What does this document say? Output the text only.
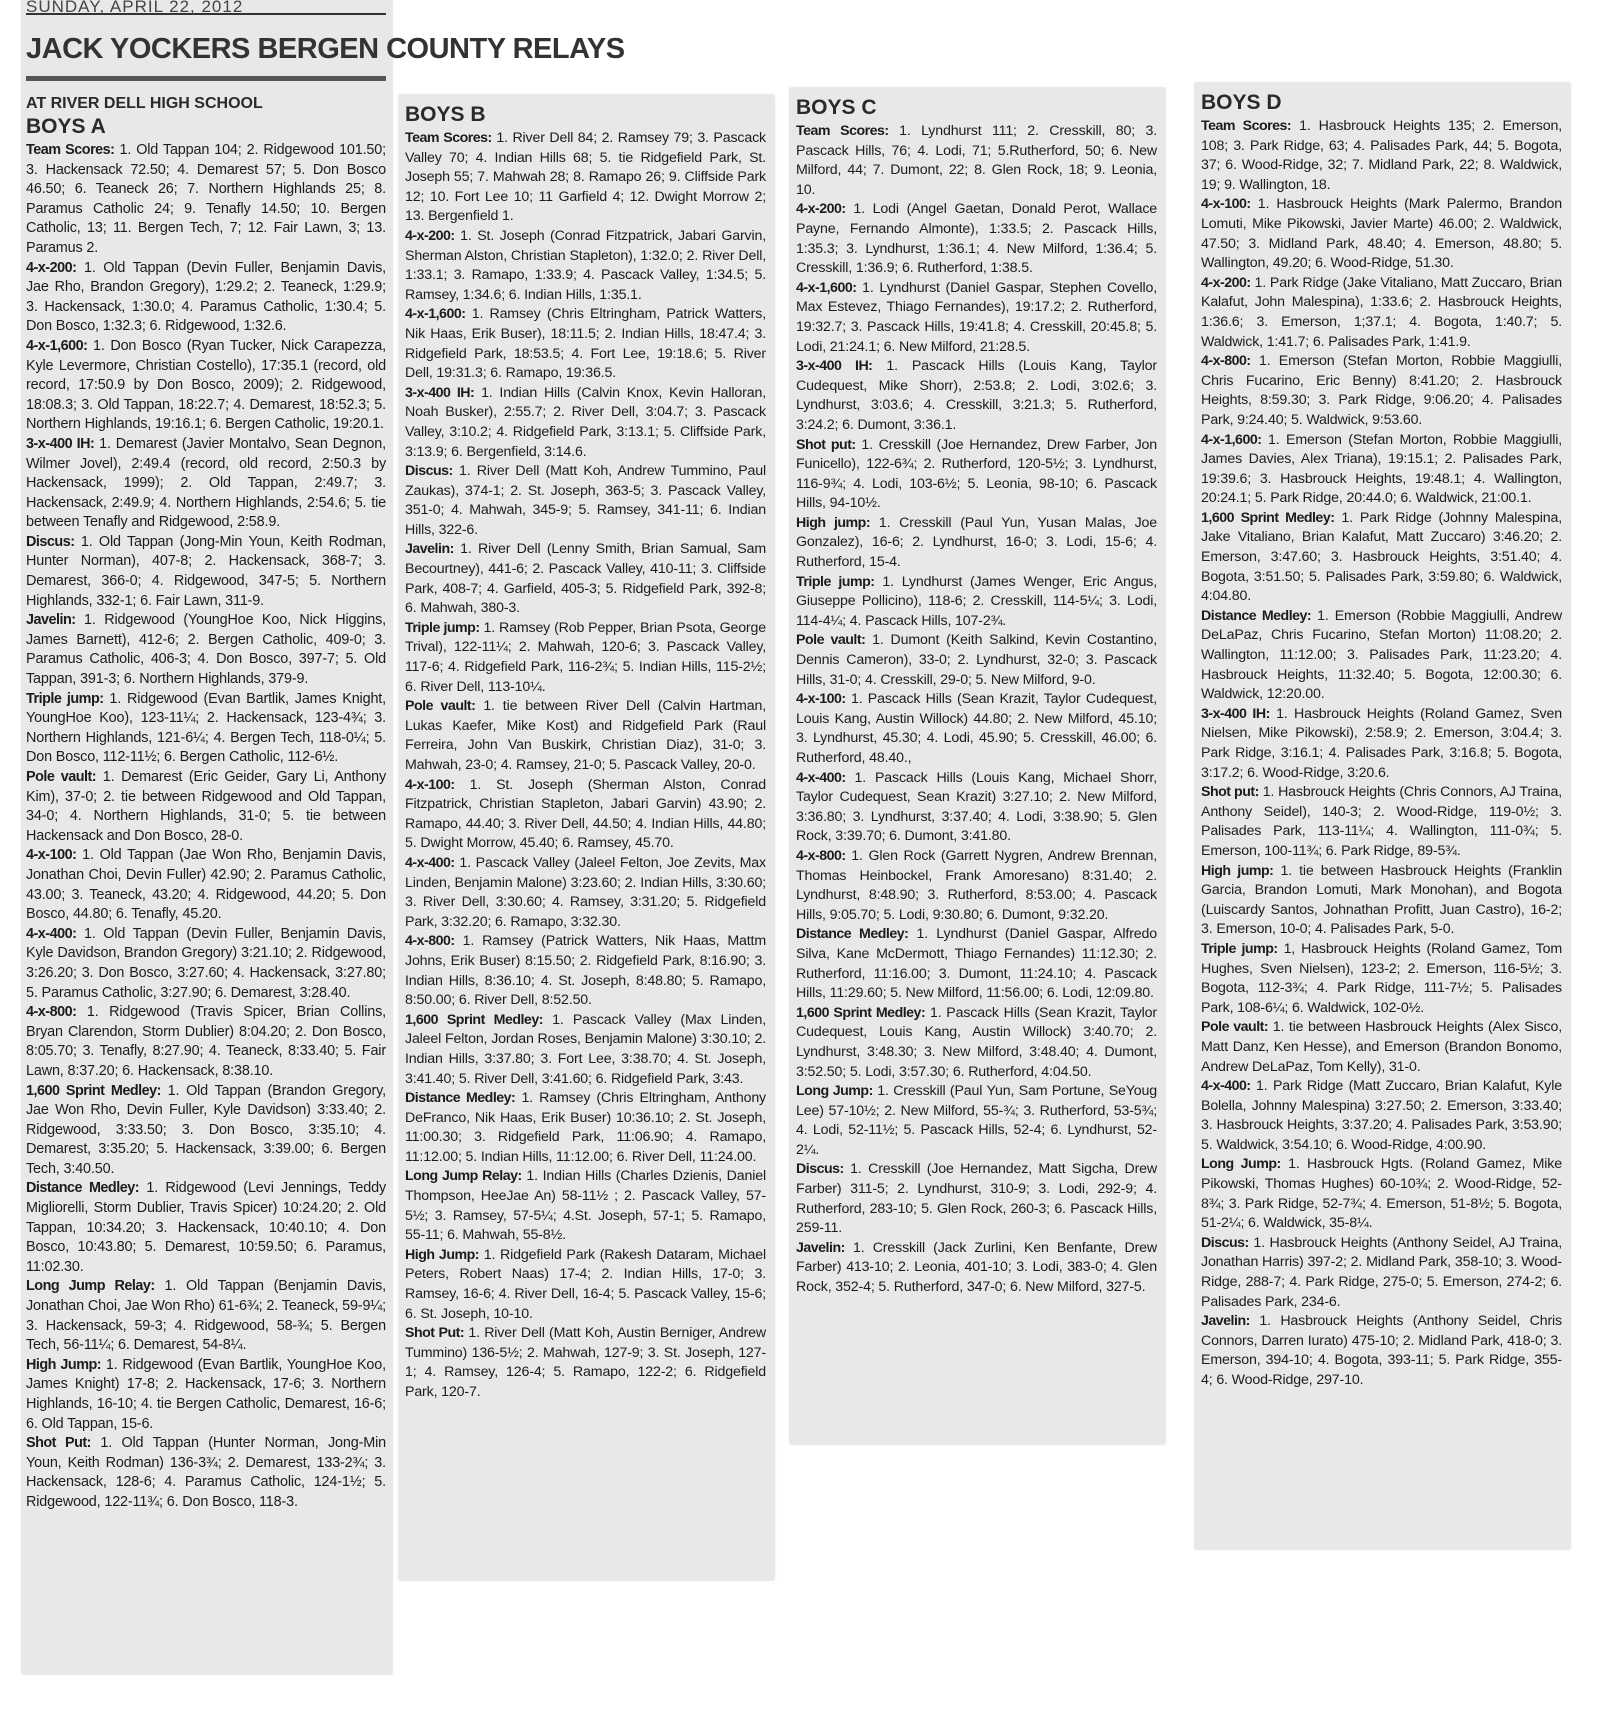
SUNDAY, APRIL 22, 2012
JACK YOCKERS BERGEN COUNTY RELAYS
AT RIVER DELL HIGH SCHOOL
BOYS A

Team Scores: 1. Old Tappan 104; 2. Ridgewood 101.50; 3. Hackensack 72.50; 4. Demarest 57; 5. Don Bosco 46.50; 6. Teaneck 26; 7. Northern Highlands 25; 8. Paramus Catholic 24; 9. Tenafly 14.50; 10. Bergen Catholic, 13; 11. Bergen Tech, 7; 12. Fair Lawn, 3; 13. Paramus 2.

4-x-200: 1. Old Tappan (Devin Fuller, Benjamin Davis, Jae Rho, Brandon Gregory), 1:29.2; 2. Teaneck, 1:29.9; 3. Hackensack, 1:30.0; 4. Paramus Catholic, 1:30.4; 5. Don Bosco, 1:32.3; 6. Ridgewood, 1:32.6.

4-x-1,600: 1. Don Bosco (Ryan Tucker, Nick Carapezza, Kyle Levermore, Christian Costello), 17:35.1 (record, old record, 17:50.9 by Don Bosco, 2009); 2. Ridgewood, 18:08.3; 3. Old Tappan, 18:22.7; 4. Demarest, 18:52.3; 5. Northern Highlands, 19:16.1; 6. Bergen Catholic, 19:20.1.

3-x-400 IH: 1. Demarest (Javier Montalvo, Sean Degnon, Wilmer Jovel), 2:49.4 (record, old record, 2:50.3 by Hackensack, 1999); 2. Old Tappan, 2:49.7; 3. Hackensack, 2:49.9; 4. Northern Highlands, 2:54.6; 5. tie between Tenafly and Ridgewood, 2:58.9.

Discus: 1. Old Tappan (Jong-Min Youn, Keith Rodman, Hunter Norman), 407-8; 2. Hackensack, 368-7; 3. Demarest, 366-0; 4. Ridgewood, 347-5; 5. Northern Highlands, 332-1; 6. Fair Lawn, 311-9.

Javelin: 1. Ridgewood (YoungHoe Koo, Nick Higgins, James Barnett), 412-6; 2. Bergen Catholic, 409-0; 3. Paramus Catholic, 406-3; 4. Don Bosco, 397-7; 5. Old Tappan, 391-3; 6. Northern Highlands, 379-9.

Triple jump: 1. Ridgewood (Evan Bartlik, James Knight, YoungHoe Koo), 123-11¼; 2. Hackensack, 123-4¾; 3. Northern Highlands, 121-6¼; 4. Bergen Tech, 118-0¼; 5. Don Bosco, 112-11½; 6. Bergen Catholic, 112-6½.

Pole vault: 1. Demarest (Eric Geider, Gary Li, Anthony Kim), 37-0; 2. tie between Ridgewood and Old Tappan, 34-0; 4. Northern Highlands, 31-0; 5. tie between Hackensack and Don Bosco, 28-0.

4-x-100: 1. Old Tappan (Jae Won Rho, Benjamin Davis, Jonathan Choi, Devin Fuller) 42.90; 2. Paramus Catholic, 43.00; 3. Teaneck, 43.20; 4. Ridgewood, 44.20; 5. Don Bosco, 44.80; 6. Tenafly, 45.20.

4-x-400: 1. Old Tappan (Devin Fuller, Benjamin Davis, Kyle Davidson, Brandon Gregory) 3:21.10; 2. Ridgewood, 3:26.20; 3. Don Bosco, 3:27.60; 4. Hackensack, 3:27.80; 5. Paramus Catholic, 3:27.90; 6. Demarest, 3:28.40.

4-x-800: 1. Ridgewood (Travis Spicer, Brian Collins, Bryan Clarendon, Storm Dublier) 8:04.20; 2. Don Bosco, 8:05.70; 3. Tenafly, 8:27.90; 4. Teaneck, 8:33.40; 5. Fair Lawn, 8:37.20; 6. Hackensack, 8:38.10.

1,600 Sprint Medley: 1. Old Tappan (Brandon Gregory, Jae Won Rho, Devin Fuller, Kyle Davidson) 3:33.40; 2. Ridgewood, 3:33.50; 3. Don Bosco, 3:35.10; 4. Demarest, 3:35.20; 5. Hackensack, 3:39.00; 6. Bergen Tech, 3:40.50.

Distance Medley: 1. Ridgewood (Levi Jennings, Teddy Migliorelli, Storm Dublier, Travis Spicer) 10:24.20; 2. Old Tappan, 10:34.20; 3. Hackensack, 10:40.10; 4. Don Bosco, 10:43.80; 5. Demarest, 10:59.50; 6. Paramus, 11:02.30.

Long Jump Relay: 1. Old Tappan (Benjamin Davis, Jonathan Choi, Jae Won Rho) 61-6¾; 2. Teaneck, 59-9¼; 3. Hackensack, 59-3; 4. Ridgewood, 58-¾; 5. Bergen Tech, 56-11¼; 6. Demarest, 54-8¼.

High Jump: 1. Ridgewood (Evan Bartlik, YoungHoe Koo, James Knight) 17-8; 2. Hackensack, 17-6; 3. Northern Highlands, 16-10; 4. tie Bergen Catholic, Demarest, 16-6; 6. Old Tappan, 15-6.

Shot Put: 1. Old Tappan (Hunter Norman, Jong-Min Youn, Keith Rodman) 136-3¾; 2. Demarest, 133-2¾; 3. Hackensack, 128-6; 4. Paramus Catholic, 124-1½; 5. Ridgewood, 122-11¾; 6. Don Bosco, 118-3.

BOYS B

Team Scores: 1. River Dell 84; 2. Ramsey 79; 3. Pascack Valley 70; 4. Indian Hills 68; 5. tie Ridgefield Park, St. Joseph 55; 7. Mahwah 28; 8. Ramapo 26; 9. Cliffside Park 12; 10. Fort Lee 10; 11 Garfield 4; 12. Dwight Morrow 2; 13. Bergenfield 1.

4-x-200: 1. St. Joseph (Conrad Fitzpatrick, Jabari Garvin, Sherman Alston, Christian Stapleton), 1:32.0; 2. River Dell, 1:33.1; 3. Ramapo, 1:33.9; 4. Pascack Valley, 1:34.5; 5. Ramsey, 1:34.6; 6. Indian Hills, 1:35.1.

4-x-1,600: 1. Ramsey (Chris Eltringham, Patrick Watters, Nik Haas, Erik Buser), 18:11.5; 2. Indian Hills, 18:47.4; 3. Ridgefield Park, 18:53.5; 4. Fort Lee, 19:18.6; 5. River Dell, 19:31.3; 6. Ramapo, 19:36.5.

3-x-400 IH: 1. Indian Hills (Calvin Knox, Kevin Halloran, Noah Busker), 2:55.7; 2. River Dell, 3:04.7; 3. Pascack Valley, 3:10.2; 4. Ridgefield Park, 3:13.1; 5. Cliffside Park, 3:13.9; 6. Bergenfield, 3:14.6.

Discus: 1. River Dell (Matt Koh, Andrew Tummino, Paul Zaukas), 374-1; 2. St. Joseph, 363-5; 3. Pascack Valley, 351-0; 4. Mahwah, 345-9; 5. Ramsey, 341-11; 6. Indian Hills, 322-6.

Javelin: 1. River Dell (Lenny Smith, Brian Samual, Sam Becourtney), 441-6; 2. Pascack Valley, 410-11; 3. Cliffside Park, 408-7; 4. Garfield, 405-3; 5. Ridgefield Park, 392-8; 6. Mahwah, 380-3.

Triple jump: 1. Ramsey (Rob Pepper, Brian Psota, George Trival), 122-11¼; 2. Mahwah, 120-6; 3. Pascack Valley, 117-6; 4. Ridgefield Park, 116-2¾; 5. Indian Hills, 115-2½; 6. River Dell, 113-10¼.

Pole vault: 1. tie between River Dell (Calvin Hartman, Lukas Kaefer, Mike Kost) and Ridgefield Park (Raul Ferreira, John Van Buskirk, Christian Diaz), 31-0; 3. Mahwah, 23-0; 4. Ramsey, 21-0; 5. Pascack Valley, 20-0.

4-x-100: 1. St. Joseph (Sherman Alston, Conrad Fitzpatrick, Christian Stapleton, Jabari Garvin) 43.90; 2. Ramapo, 44.40; 3. River Dell, 44.50; 4. Indian Hills, 44.80; 5. Dwight Morrow, 45.40; 6. Ramsey, 45.70.

4-x-400: 1. Pascack Valley (Jaleel Felton, Joe Zevits, Max Linden, Benjamin Malone) 3:23.60; 2. Indian Hills, 3:30.60; 3. River Dell, 3:30.60; 4. Ramsey, 3:31.20; 5. Ridgefield Park, 3:32.20; 6. Ramapo, 3:32.30.

4-x-800: 1. Ramsey (Patrick Watters, Nik Haas, Mattm Johns, Erik Buser) 8:15.50; 2. Ridgefield Park, 8:16.90; 3. Indian Hills, 8:36.10; 4. St. Joseph, 8:48.80; 5. Ramapo, 8:50.00; 6. River Dell, 8:52.50.

1,600 Sprint Medley: 1. Pascack Valley (Max Linden, Jaleel Felton, Jordan Roses, Benjamin Malone) 3:30.10; 2. Indian Hills, 3:37.80; 3. Fort Lee, 3:38.70; 4. St. Joseph, 3:41.40; 5. River Dell, 3:41.60; 6. Ridgefield Park, 3:43.

Distance Medley: 1. Ramsey (Chris Eltringham, Anthony DeFranco, Nik Haas, Erik Buser) 10:36.10; 2. St. Joseph, 11:00.30; 3. Ridgefield Park, 11:06.90; 4. Ramapo, 11:12.00; 5. Indian Hills, 11:12.00; 6. River Dell, 11:24.00.

Long Jump Relay: 1. Indian Hills (Charles Dzienis, Daniel Thompson, HeeJae An) 58-11½ ; 2. Pascack Valley, 57-5½; 3. Ramsey, 57-5¼; 4.St. Joseph, 57-1; 5. Ramapo, 55-11; 6. Mahwah, 55-8½.

High Jump: 1. Ridgefield Park (Rakesh Dataram, Michael Peters, Robert Naas) 17-4; 2. Indian Hills, 17-0; 3. Ramsey, 16-6; 4. River Dell, 16-4; 5. Pascack Valley, 15-6; 6. St. Joseph, 10-10.

Shot Put: 1. River Dell (Matt Koh, Austin Berniger, Andrew Tummino) 136-5½; 2. Mahwah, 127-9; 3. St. Joseph, 127-1; 4. Ramsey, 126-4; 5. Ramapo, 122-2; 6. Ridgefield Park, 120-7.

BOYS C

Team Scores: 1. Lyndhurst 111; 2. Cresskill, 80; 3. Pascack Hills, 76; 4. Lodi, 71; 5.Rutherford, 50; 6. New Milford, 44; 7. Dumont, 22; 8. Glen Rock, 18; 9. Leonia, 10.

4-x-200: 1. Lodi (Angel Gaetan, Donald Perot, Wallace Payne, Fernando Almonte), 1:33.5; 2. Pascack Hills, 1:35.3; 3. Lyndhurst, 1:36.1; 4. New Milford, 1:36.4; 5. Cresskill, 1:36.9; 6. Rutherford, 1:38.5.

4-x-1,600: 1. Lyndhurst (Daniel Gaspar, Stephen Covello, Max Estevez, Thiago Fernandes), 19:17.2; 2. Rutherford, 19:32.7; 3. Pascack Hills, 19:41.8; 4. Cresskill, 20:45.8; 5. Lodi, 21:24.1; 6. New Milford, 21:28.5.

3-x-400 IH: 1. Pascack Hills (Louis Kang, Taylor Cudequest, Mike Shorr), 2:53.8; 2. Lodi, 3:02.6; 3. Lyndhurst, 3:03.6; 4. Cresskill, 3:21.3; 5. Rutherford, 3:24.2; 6. Dumont, 3:36.1.

Shot put: 1. Cresskill (Joe Hernandez, Drew Farber, Jon Funicello), 122-6¾; 2. Rutherford, 120-5½; 3. Lyndhurst, 116-9¾; 4. Lodi, 103-6½; 5. Leonia, 98-10; 6. Pascack Hills, 94-10½.

High jump: 1. Cresskill (Paul Yun, Yusan Malas, Joe Gonzalez), 16-6; 2. Lyndhurst, 16-0; 3. Lodi, 15-6; 4. Rutherford, 15-4.

Triple jump: 1. Lyndhurst (James Wenger, Eric Angus, Giuseppe Pollicino), 118-6; 2. Cresskill, 114-5¼; 3. Lodi, 114-4¼; 4. Pascack Hills, 107-2¾.

Pole vault: 1. Dumont (Keith Salkind, Kevin Costantino, Dennis Cameron), 33-0; 2. Lyndhurst, 32-0; 3. Pascack Hills, 31-0; 4. Cresskill, 29-0; 5. New Milford, 9-0.

4-x-100: 1. Pascack Hills (Sean Krazit, Taylor Cudequest, Louis Kang, Austin Willock) 44.80; 2. New Milford, 45.10; 3. Lyndhurst, 45.30; 4. Lodi, 45.90; 5. Cresskill, 46.00; 6. Rutherford, 48.40.,

4-x-400: 1. Pascack Hills (Louis Kang, Michael Shorr, Taylor Cudequest, Sean Krazit) 3:27.10; 2. New Milford, 3:36.80; 3. Lyndhurst, 3:37.40; 4. Lodi, 3:38.90; 5. Glen Rock, 3:39.70; 6. Dumont, 3:41.80.

4-x-800: 1. Glen Rock (Garrett Nygren, Andrew Brennan, Thomas Heinbockel, Frank Amoresano) 8:31.40; 2. Lyndhurst, 8:48.90; 3. Rutherford, 8:53.00; 4. Pascack Hills, 9:05.70; 5. Lodi, 9:30.80; 6. Dumont, 9:32.20.

Distance Medley: 1. Lyndhurst (Daniel Gaspar, Alfredo Silva, Kane McDermott, Thiago Fernandes) 11:12.30; 2. Rutherford, 11:16.00; 3. Dumont, 11:24.10; 4. Pascack Hills, 11:29.60; 5. New Milford, 11:56.00; 6. Lodi, 12:09.80.

1,600 Sprint Medley: 1. Pascack Hills (Sean Krazit, Taylor Cudequest, Louis Kang, Austin Willock) 3:40.70; 2. Lyndhurst, 3:48.30; 3. New Milford, 3:48.40; 4. Dumont, 3:52.50; 5. Lodi, 3:57.30; 6. Rutherford, 4:04.50.

Long Jump: 1. Cresskill (Paul Yun, Sam Portune, SeYoug Lee) 57-10½; 2. New Milford, 55-¾; 3. Rutherford, 53-5¾; 4. Lodi, 52-11½; 5. Pascack Hills, 52-4; 6. Lyndhurst, 52-2¼.

Discus: 1. Cresskill (Joe Hernandez, Matt Sigcha, Drew Farber) 311-5; 2. Lyndhurst, 310-9; 3. Lodi, 292-9; 4. Rutherford, 283-10; 5. Glen Rock, 260-3; 6. Pascack Hills, 259-11.

Javelin: 1. Cresskill (Jack Zurlini, Ken Benfante, Drew Farber) 413-10; 2. Leonia, 401-10; 3. Lodi, 383-0; 4. Glen Rock, 352-4; 5. Rutherford, 347-0; 6. New Milford, 327-5.

BOYS D

Team Scores: 1. Hasbrouck Heights 135; 2. Emerson, 108; 3. Park Ridge, 63; 4. Palisades Park, 44; 5. Bogota, 37; 6. Wood-Ridge, 32; 7. Midland Park, 22; 8. Waldwick, 19; 9. Wallington, 18.

4-x-100: 1. Hasbrouck Heights (Mark Palermo, Brandon Lomuti, Mike Pikowski, Javier Marte) 46.00; 2. Waldwick, 47.50; 3. Midland Park, 48.40; 4. Emerson, 48.80; 5. Wallington, 49.20; 6. Wood-Ridge, 51.30.

4-x-200: 1. Park Ridge (Jake Vitaliano, Matt Zuccaro, Brian Kalafut, John Malespina), 1:33.6; 2. Hasbrouck Heights, 1:36.6; 3. Emerson, 1;37.1; 4. Bogota, 1:40.7; 5. Waldwick, 1:41.7; 6. Palisades Park, 1:41.9.

4-x-800: 1. Emerson (Stefan Morton, Robbie Maggiulli, Chris Fucarino, Eric Benny) 8:41.20; 2. Hasbrouck Heights, 8:59.30; 3. Park Ridge, 9:06.20; 4. Palisades Park, 9:24.40; 5. Waldwick, 9:53.60.

4-x-1,600: 1. Emerson (Stefan Morton, Robbie Maggiulli, James Davies, Alex Triana), 19:15.1; 2. Palisades Park, 19:39.6; 3. Hasbrouck Heights, 19:48.1; 4. Wallington, 20:24.1; 5. Park Ridge, 20:44.0; 6. Waldwick, 21:00.1.

1,600 Sprint Medley: 1. Park Ridge (Johnny Malespina, Jake Vitaliano, Brian Kalafut, Matt Zuccaro) 3:46.20; 2. Emerson, 3:47.60; 3. Hasbrouck Heights, 3:51.40; 4. Bogota, 3:51.50; 5. Palisades Park, 3:59.80; 6. Waldwick, 4:04.80.

Distance Medley: 1. Emerson (Robbie Maggiulli, Andrew DeLaPaz, Chris Fucarino, Stefan Morton) 11:08.20; 2. Wallington, 11:12.00; 3. Palisades Park, 11:23.20; 4. Hasbrouck Heights, 11:32.40; 5. Bogota, 12:00.30; 6. Waldwick, 12:20.00.

3-x-400 IH: 1. Hasbrouck Heights (Roland Gamez, Sven Nielsen, Mike Pikowski), 2:58.9; 2. Emerson, 3:04.4; 3. Park Ridge, 3:16.1; 4. Palisades Park, 3:16.8; 5. Bogota, 3:17.2; 6. Wood-Ridge, 3:20.6.

Shot put: 1. Hasbrouck Heights (Chris Connors, AJ Traina, Anthony Seidel), 140-3; 2. Wood-Ridge, 119-0½; 3. Palisades Park, 113-11¼; 4. Wallington, 111-0¾; 5. Emerson, 100-11¾; 6. Park Ridge, 89-5¾.

High jump: 1. tie between Hasbrouck Heights (Franklin Garcia, Brandon Lomuti, Mark Monohan), and Bogota (Luiscardy Santos, Johnathan Profitt, Juan Castro), 16-2; 3. Emerson, 10-0; 4. Palisades Park, 5-0.

Triple jump: 1, Hasbrouck Heights (Roland Gamez, Tom Hughes, Sven Nielsen), 123-2; 2. Emerson, 116-5½; 3. Bogota, 112-3¾; 4. Park Ridge, 111-7½; 5. Palisades Park, 108-6¼; 6. Waldwick, 102-0½.

Pole vault: 1. tie between Hasbrouck Heights (Alex Sisco, Matt Danz, Ken Hesse), and Emerson (Brandon Bonomo, Andrew DeLaPaz, Tom Kelly), 31-0.

4-x-400: 1. Park Ridge (Matt Zuccaro, Brian Kalafut, Kyle Bolella, Johnny Malespina) 3:27.50; 2. Emerson, 3:33.40; 3. Hasbrouck Heights, 3:37.20; 4. Palisades Park, 3:53.90; 5. Waldwick, 3:54.10; 6. Wood-Ridge, 4:00.90.

Long Jump: 1. Hasbrouck Hgts. (Roland Gamez, Mike Pikowski, Thomas Hughes) 60-10¾; 2. Wood-Ridge, 52-8¾; 3. Park Ridge, 52-7¾; 4. Emerson, 51-8½; 5. Bogota, 51-2¼; 6. Waldwick, 35-8¼.

Discus: 1. Hasbrouck Heights (Anthony Seidel, AJ Traina, Jonathan Harris) 397-2; 2. Midland Park, 358-10; 3. Wood-Ridge, 288-7; 4. Park Ridge, 275-0; 5. Emerson, 274-2; 6. Palisades Park, 234-6.

Javelin: 1. Hasbrouck Heights (Anthony Seidel, Chris Connors, Darren Iurato) 475-10; 2. Midland Park, 418-0; 3. Emerson, 394-10; 4. Bogota, 393-11; 5. Park Ridge, 355-4; 6. Wood-Ridge, 297-10.
